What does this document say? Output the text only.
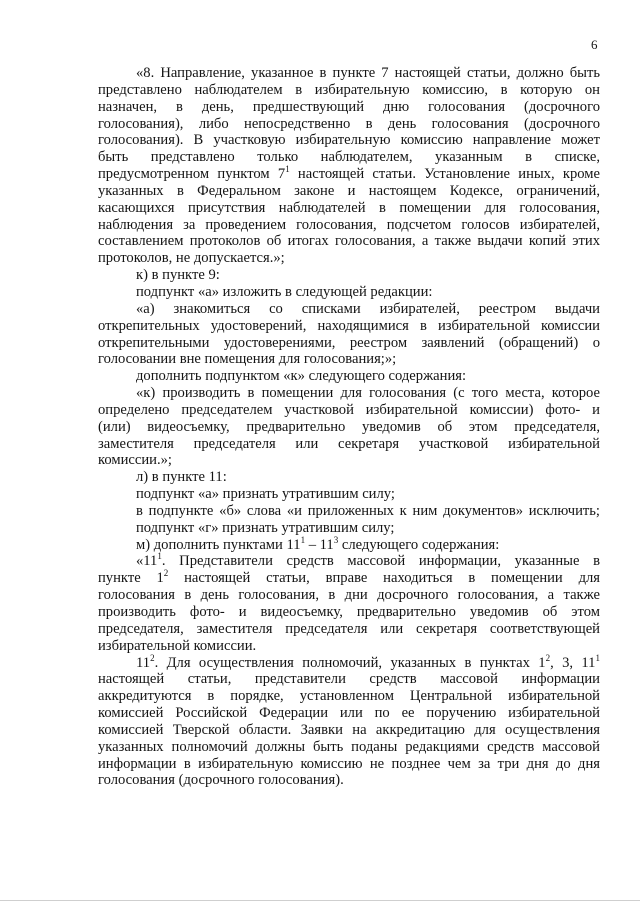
6

«8. Направление, указанное в пункте 7 настоящей статьи, должно быть

представлено наблюдателем в избирательную комиссию, в которую он

назначен, в день, предшествующий дню голосования (досрочного

голосования), либо непосредственно в день голосования (досрочного

голосования). В участковую избирательную комиссию направление может

быть представлено только наблюдателем, указанным в списке,

предусмотренном пунктом $7^1$ настоящей статьи. Установление иных, кроме

указанных в Федеральном законе и настоящем Кодексе, ограничений,

касающихся присутствия наблюдателей в помещении для голосования,

наблюдения за проведением голосования, подсчетом голосов избирателей,

составлением протоколов об итогах голосования, а также выдачи копий этих

протоколов, не допускается.»;

к) в пункте 9:

подпункт «а» изложить в следующей редакции:

«а) знакомиться со списками избирателей, реестром выдачи

открепительных удостоверений, находящимися в избирательной комиссии

открепительными удостоверениями, реестром заявлений (обращений) о

голосовании вне помещения для голосования;»;

дополнить подпунктом «к» следующего содержания:

«к) производить в помещении для голосования (с того места, которое

определено председателем участковой избирательной комиссии) фото- и

(или) видеосъемку, предварительно уведомив об этом председателя,

заместителя председателя или секретаря участковой избирательной

комиссии.»;

л) в пункте 11:

подпункт «а» признать утратившим силу;

в подпункте «б» слова «и приложенных к ним документов» исключить;

подпункт «г» признать утратившим силу;

м) дополнить пунктами $11^1 - 11^3$ следующего содержания:

«$11^1$. Представители средств массовой информации, указанные в

пункте $1^2$ настоящей статьи, вправе находиться в помещении для

голосования в день голосования, в дни досрочного голосования, а также

производить фото- и видеосъемку, предварительно уведомив об этом

председателя, заместителя председателя или секретаря соответствующей

избирательной комиссии.

$11^2$. Для осуществления полномочий, указанных в пунктах $1^2$, 3, $11^1$

настоящей статьи, представители средств массовой информации

аккредитуются в порядке, установленном Центральной избирательной

комиссией Российской Федерации или по ее поручению избирательной

комиссией Тверской области. Заявки на аккредитацию для осуществления

указанных полномочий должны быть поданы редакциями средств массовой

информации в избирательную комиссию не позднее чем за три дня до дня

голосования (досрочного голосования).
